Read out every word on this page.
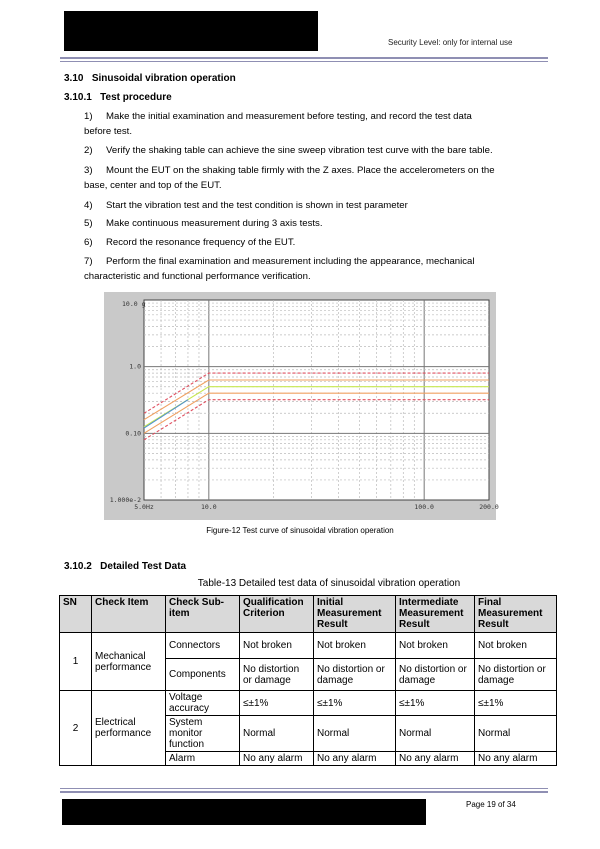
Security Level: only for internal use
3.10 Sinusoidal vibration operation
3.10.1 Test procedure
1) Make the initial examination and measurement before testing, and record the test data
before test.
2) Verify the shaking table can achieve the sine sweep vibration test curve with the bare table.
3) Mount the EUT on the shaking table firmly with the Z axes. Place the accelerometers on the
base, center and top of the EUT.
4) Start the vibration test and the test condition is shown in test parameter
5) Make continuous measurement during 3 axis tests.
6) Record the resonance frequency of the EUT.
7) Perform the final examination and measurement including the appearance, mechanical
characteristic and functional performance verification.
5.0Hz	10.0	100.0	200.0
1.000e-2
0.10
1.0
10.0 g
Figure-12 Test curve of sinusoidal vibration operation
3.10.2 Detailed Test Data
Table-13 Detailed test data of sinusoidal vibration operation
SN	Check Item	Check Sub-item	Qualification Criterion	Initial Measurement Result	Intermediate Measurement Result	Final Measurement Result
1	Mechanical performance	Connectors	Not broken	Not broken	Not broken	Not broken
		Components	No distortion or damage	No distortion or damage	No distortion or damage	No distortion or damage
2	Electrical performance	Voltage accuracy	≤±1%	≤±1%	≤±1%	≤±1%
		System monitor function	Normal	Normal	Normal	Normal
		Alarm	No any alarm	No any alarm	No any alarm	No any alarm
Page 19 of 34
